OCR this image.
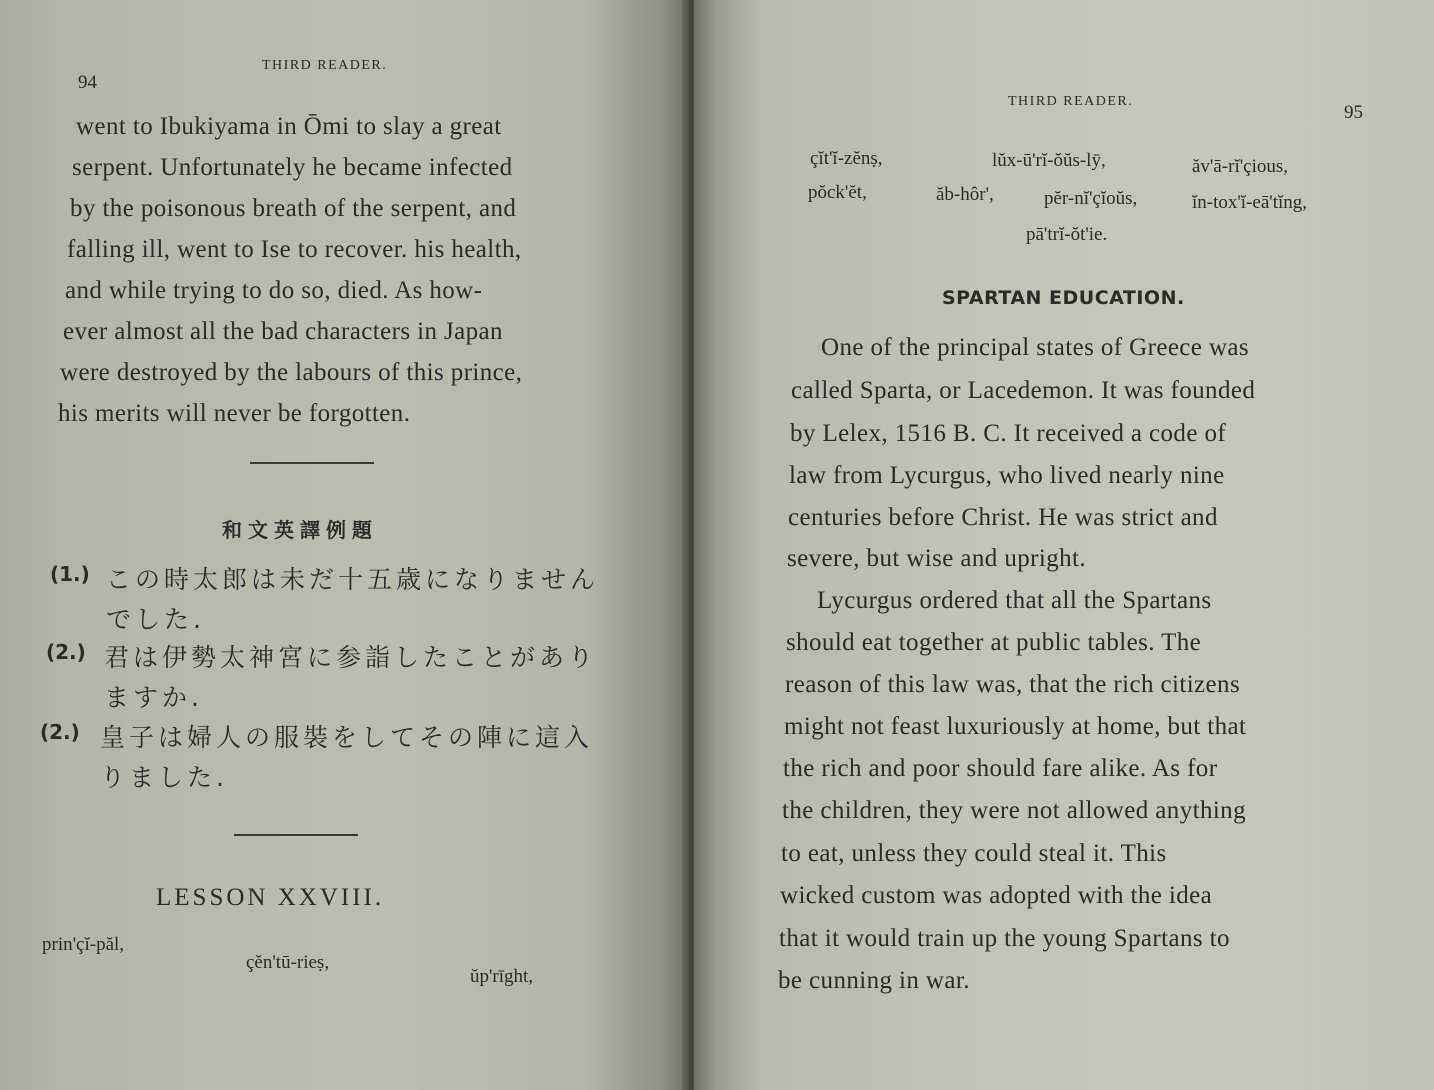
94
THIRD READER.
went to Ibukiyama in Ōmi to slay a great
serpent. Unfortunately he became infected
by the poisonous breath of the serpent, and
falling ill, went to Ise to recover. his health,
and while trying to do so, died. As how-
ever almost all the bad characters in Japan
were destroyed by the labours of this prince,
his merits will never be forgotten.
和文英譯例題
(1.) この時太郎は未だ十五歳になりません
でした.
(2.) 君は伊勢太神宮に参詣したことがあり
ますか.
(2.) 皇子は婦人の服裝をしてその陣に這入
りました.
LESSON XXVIII.
prin'çĭ-păl,
çĕn'tū-rieṣ,
ŭp'rīght,
THIRD READER.
95
çĭt'ĭ-zĕnṣ,	lŭx-ū'rĭ-ŏŭs-lȳ,	ăv'ā-rĭ'çious,
pŏck'ĕt,	ăb-hôr',	pĕr-nĭ'çĭoŭs,	ĭn-tox'ĭ-eā'tĭng,
pā'trĭ-ŏt'ie.
SPARTAN EDUCATION.
One of the principal states of Greece was
called Sparta, or Lacedemon. It was founded
by Lelex, 1516 B. C. It received a code of
law from Lycurgus, who lived nearly nine
centuries before Christ. He was strict and
severe, but wise and upright.
Lycurgus ordered that all the Spartans
should eat together at public tables. The
reason of this law was, that the rich citizens
might not feast luxuriously at home, but that
the rich and poor should fare alike. As for
the children, they were not allowed anything
to eat, unless they could steal it. This
wicked custom was adopted with the idea
that it would train up the young Spartans to
be cunning in war.
